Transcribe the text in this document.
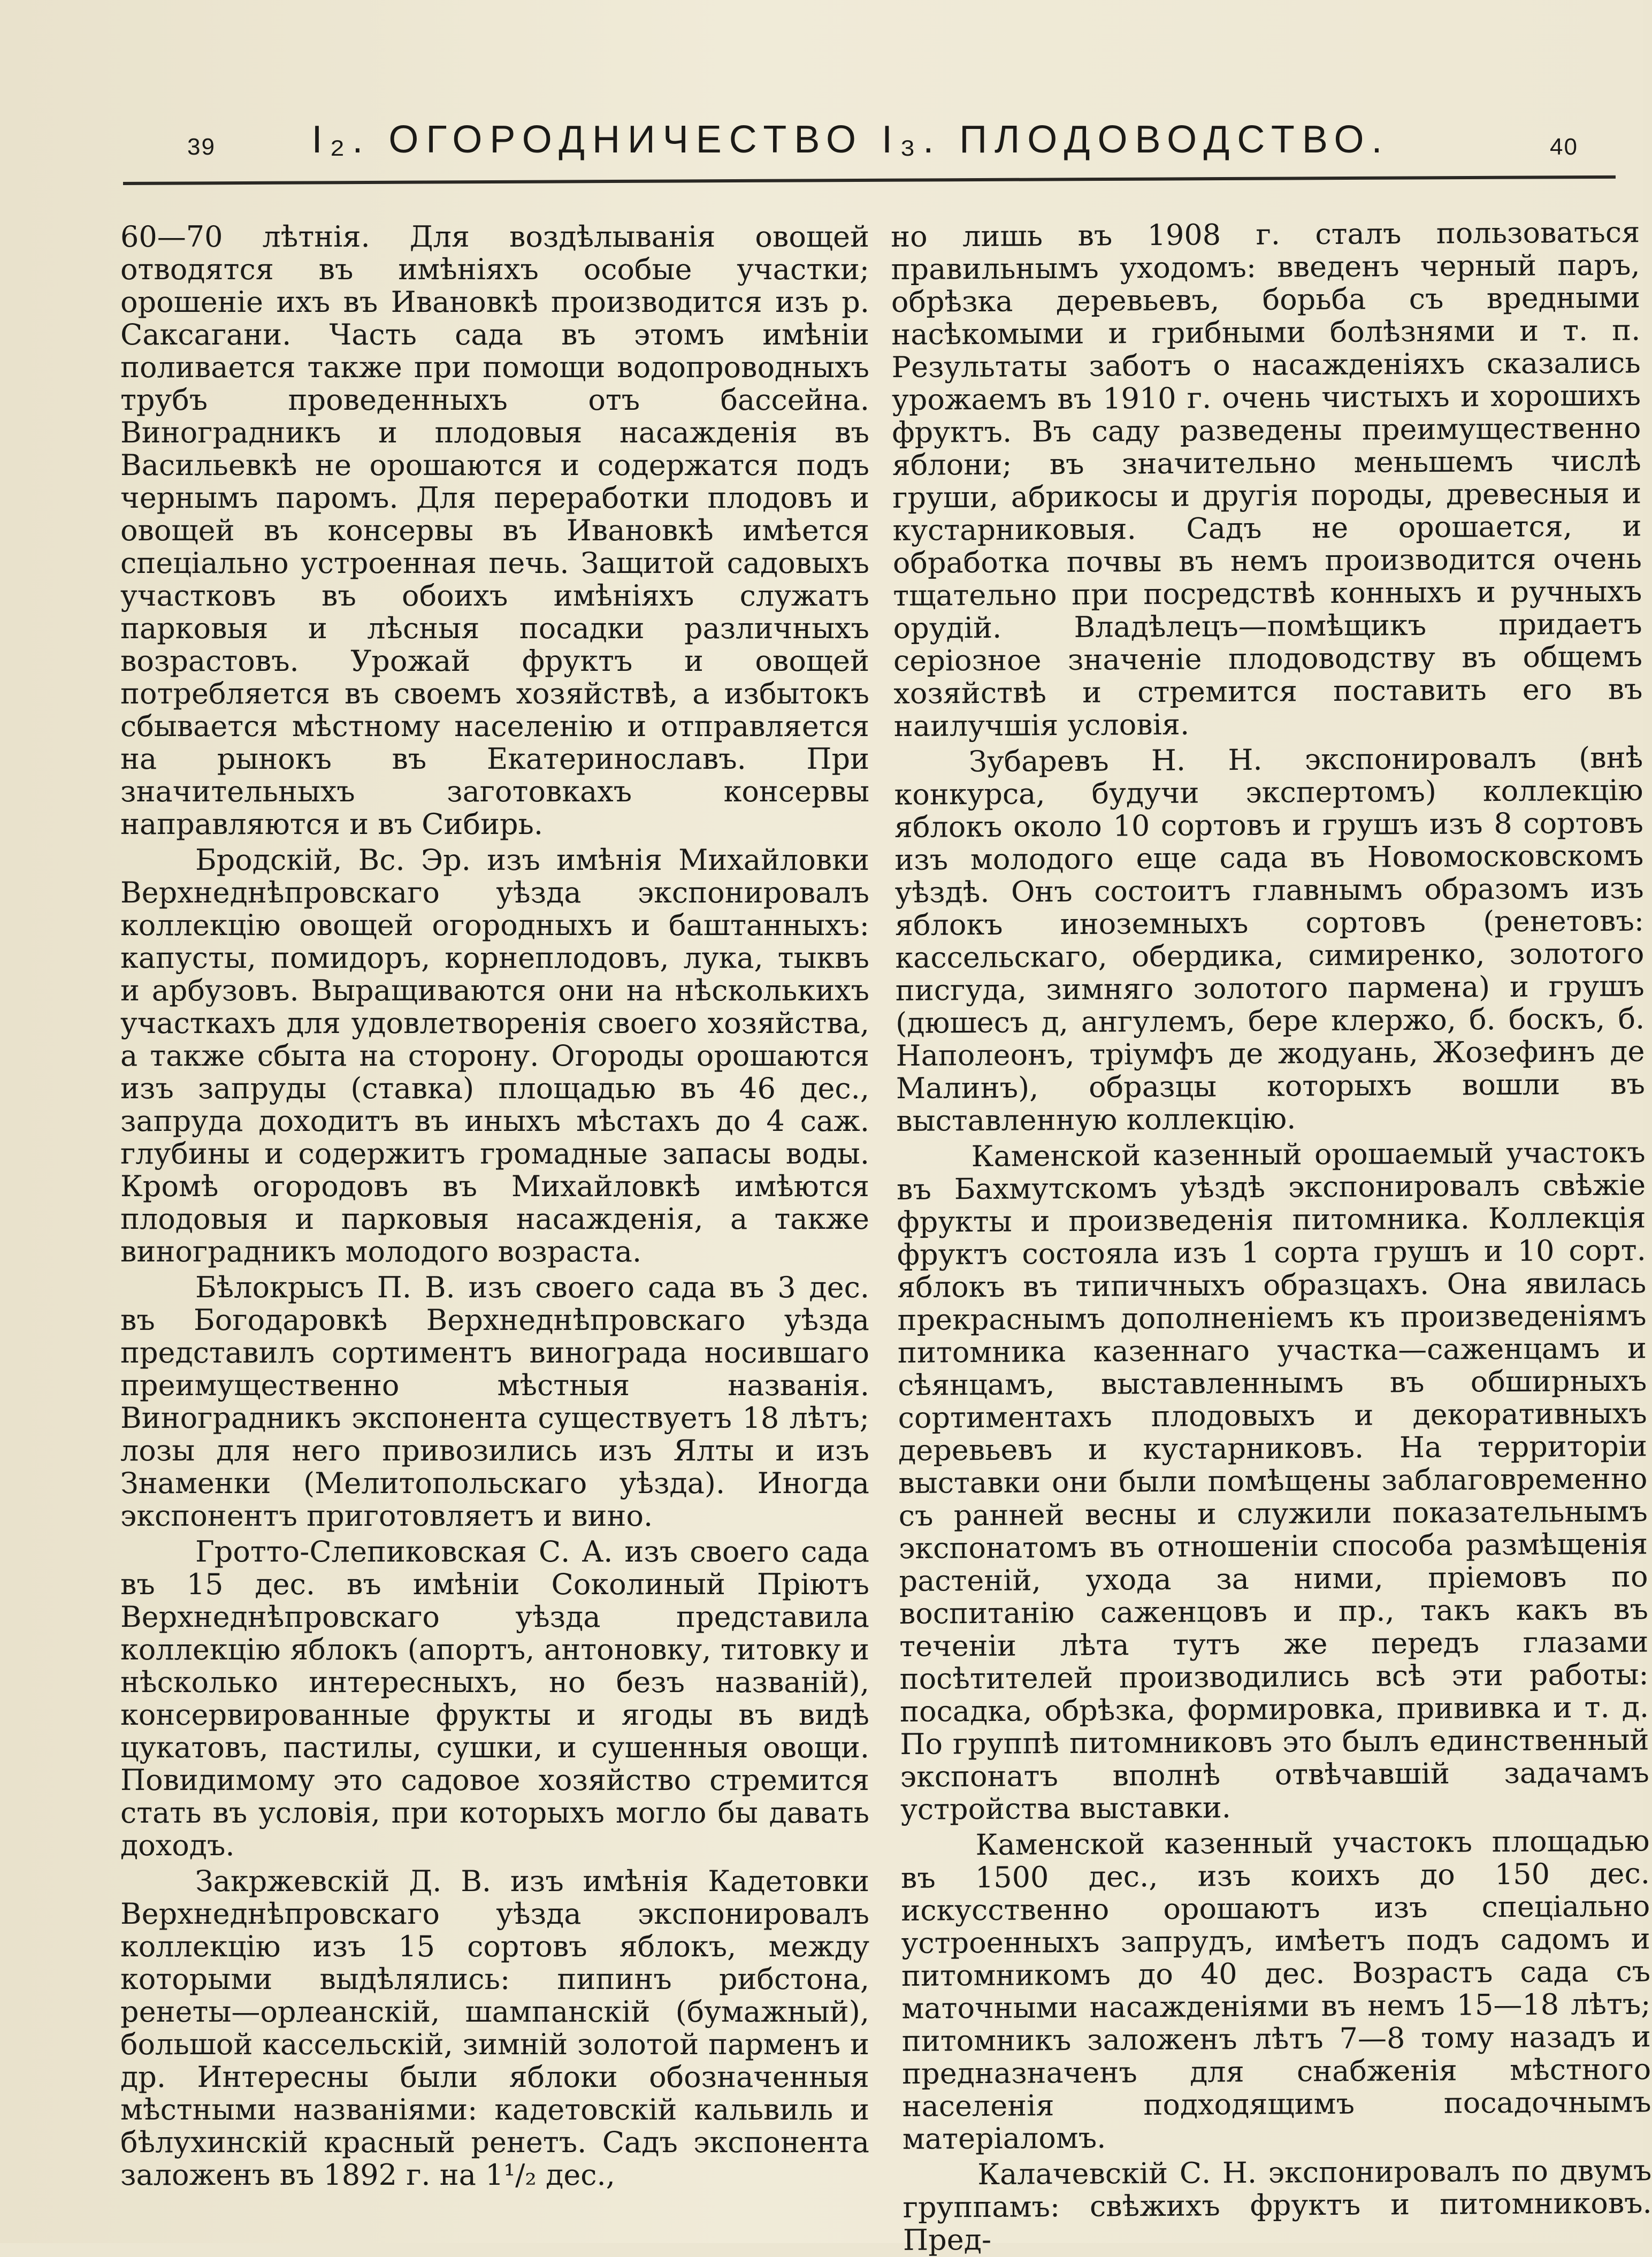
39	I₂. ОГОРОДНИЧЕСТВО I₃. ПЛОДОВОДСТВО.	40

60—70 лѣтнія. Для воздѣлыванія овощей отводятся въ имѣніяхъ особые участки; орошеніе ихъ въ Ивановкѣ производится изъ р. Саксагани. Часть сада въ этомъ имѣніи поливается также при помощи водопроводныхъ трубъ проведенныхъ отъ бассейна. Виноградникъ и плодовыя насажденія въ Васильевкѣ не орошаются и содержатся подъ чернымъ паромъ. Для переработки плодовъ и овощей въ консервы въ Ивановкѣ имѣется спеціально устроенная печь. Защитой садовыхъ участковъ въ обоихъ имѣніяхъ служатъ парковыя и лѣсныя посадки различныхъ возрастовъ. Урожай фруктъ и овощей потребляется въ своемъ хозяйствѣ, а избытокъ сбывается мѣстному населенію и отправляется на рынокъ въ Екатеринославъ. При значительныхъ заготовкахъ консервы направляются и въ Сибирь.

Бродскій, Вс. Эр. изъ имѣнія Михайловки Верхнеднѣпровскаго уѣзда экспонировалъ коллекцію овощей огородныхъ и баштанныхъ: капусты, помидоръ, корнеплодовъ, лука, тыквъ и арбузовъ. Выращиваются они на нѣсколькихъ участкахъ для удовлетворенія своего хозяйства, а также сбыта на сторону. Огороды орошаются изъ запруды (ставка) площадью въ 46 дес., запруда доходитъ въ иныхъ мѣстахъ до 4 саж. глубины и содержитъ громадные запасы воды. Кромѣ огородовъ въ Михайловкѣ имѣются плодовыя и парковыя насажденія, а также виноградникъ молодого возраста.

Бѣлокрысъ П. В. изъ своего сада въ 3 дес. въ Богодаровкѣ Верхнеднѣпровскаго уѣзда представилъ сортиментъ винограда носившаго преимущественно мѣстныя названія. Виноградникъ экспонента существуетъ 18 лѣтъ; лозы для него привозились изъ Ялты и изъ Знаменки (Мелитопольскаго уѣзда). Иногда экспонентъ приготовляетъ и вино.

Гротто-Слепиковская С. А. изъ своего сада въ 15 дес. въ имѣніи Соколиный Пріютъ Верхнеднѣпровскаго уѣзда представила коллекцію яблокъ (апортъ, антоновку, титовку и нѣсколько интересныхъ, но безъ названій), консервированные фрукты и ягоды въ видѣ цукатовъ, пастилы, сушки, и сушенныя овощи. Повидимому это садовое хозяйство стремится стать въ условія, при которыхъ могло бы давать доходъ.

Закржевскій Д. В. изъ имѣнія Кадетовки Верхнеднѣпровскаго уѣзда экспонировалъ коллекцію изъ 15 сортовъ яблокъ, между которыми выдѣлялись: пипинъ рибстона, ренеты—орлеанскій, шампанскій (бумажный), большой кассельскій, зимній золотой парменъ и др. Интересны были яблоки обозначенныя мѣстными названіями: кадетовскій кальвиль и бѣлухинскій красный ренетъ. Садъ экспонента заложенъ въ 1892 г. на 1¹/₂ дес.,

но лишь въ 1908 г. сталъ пользоваться правильнымъ уходомъ: введенъ черный паръ, обрѣзка деревьевъ, борьба съ вредными насѣкомыми и грибными болѣзнями и т. п. Результаты заботъ о насажденіяхъ сказались урожаемъ въ 1910 г. очень чистыхъ и хорошихъ фруктъ. Въ саду разведены преимущественно яблони; въ значительно меньшемъ числѣ груши, абрикосы и другія породы, древесныя и кустарниковыя. Садъ не орошается, и обработка почвы въ немъ производится очень тщательно при посредствѣ конныхъ и ручныхъ орудій. Владѣлецъ—помѣщикъ придаетъ серіозное значеніе плодоводству въ общемъ хозяйствѣ и стремится поставить его въ наилучшія условія.

Зубаревъ Н. Н. экспонировалъ (внѣ конкурса, будучи экспертомъ) коллекцію яблокъ около 10 сортовъ и грушъ изъ 8 сортовъ изъ молодого еще сада въ Новомосковскомъ уѣздѣ. Онъ состоитъ главнымъ образомъ изъ яблокъ иноземныхъ сортовъ (ренетовъ: кассельскаго, обердика, симиренко, золотого писгуда, зимняго золотого пармена) и грушъ (дюшесъ д, ангулемъ, бере клержо, б. боскъ, б. Наполеонъ, тріумфъ де жодуань, Жозефинъ де Малинъ), образцы которыхъ вошли въ выставленную коллекцію.

Каменской казенный орошаемый участокъ въ Бахмутскомъ уѣздѣ экспонировалъ свѣжіе фрукты и произведенія питомника. Коллекція фруктъ состояла изъ 1 сорта грушъ и 10 сорт. яблокъ въ типичныхъ образцахъ. Она явилась прекраснымъ дополненіемъ къ произведеніямъ питомника казеннаго участка—саженцамъ и сѣянцамъ, выставленнымъ въ обширныхъ сортиментахъ плодовыхъ и декоративныхъ деревьевъ и кустарниковъ. На территоріи выставки они были помѣщены заблаговременно съ ранней весны и служили показательнымъ экспонатомъ въ отношеніи способа размѣщенія растеній, ухода за ними, пріемовъ по воспитанію саженцовъ и пр., такъ какъ въ теченіи лѣта тутъ же передъ глазами посѣтителей производились всѣ эти работы: посадка, обрѣзка, формировка, прививка и т. д. По группѣ питомниковъ это былъ единственный экспонатъ вполнѣ отвѣчавшій задачамъ устройства выставки.

Каменской казенный участокъ площадью въ 1500 дес., изъ коихъ до 150 дес. искусственно орошаютъ изъ спеціально устроенныхъ запрудъ, имѣетъ подъ садомъ и питомникомъ до 40 дес. Возрастъ сада съ маточными насажденіями въ немъ 15—18 лѣтъ; питомникъ заложенъ лѣтъ 7—8 тому назадъ и предназначенъ для снабженія мѣстного населенія подходящимъ посадочнымъ матеріаломъ.

Калачевскій С. Н. экспонировалъ по двумъ группамъ: свѣжихъ фруктъ и питомниковъ. Пред-
